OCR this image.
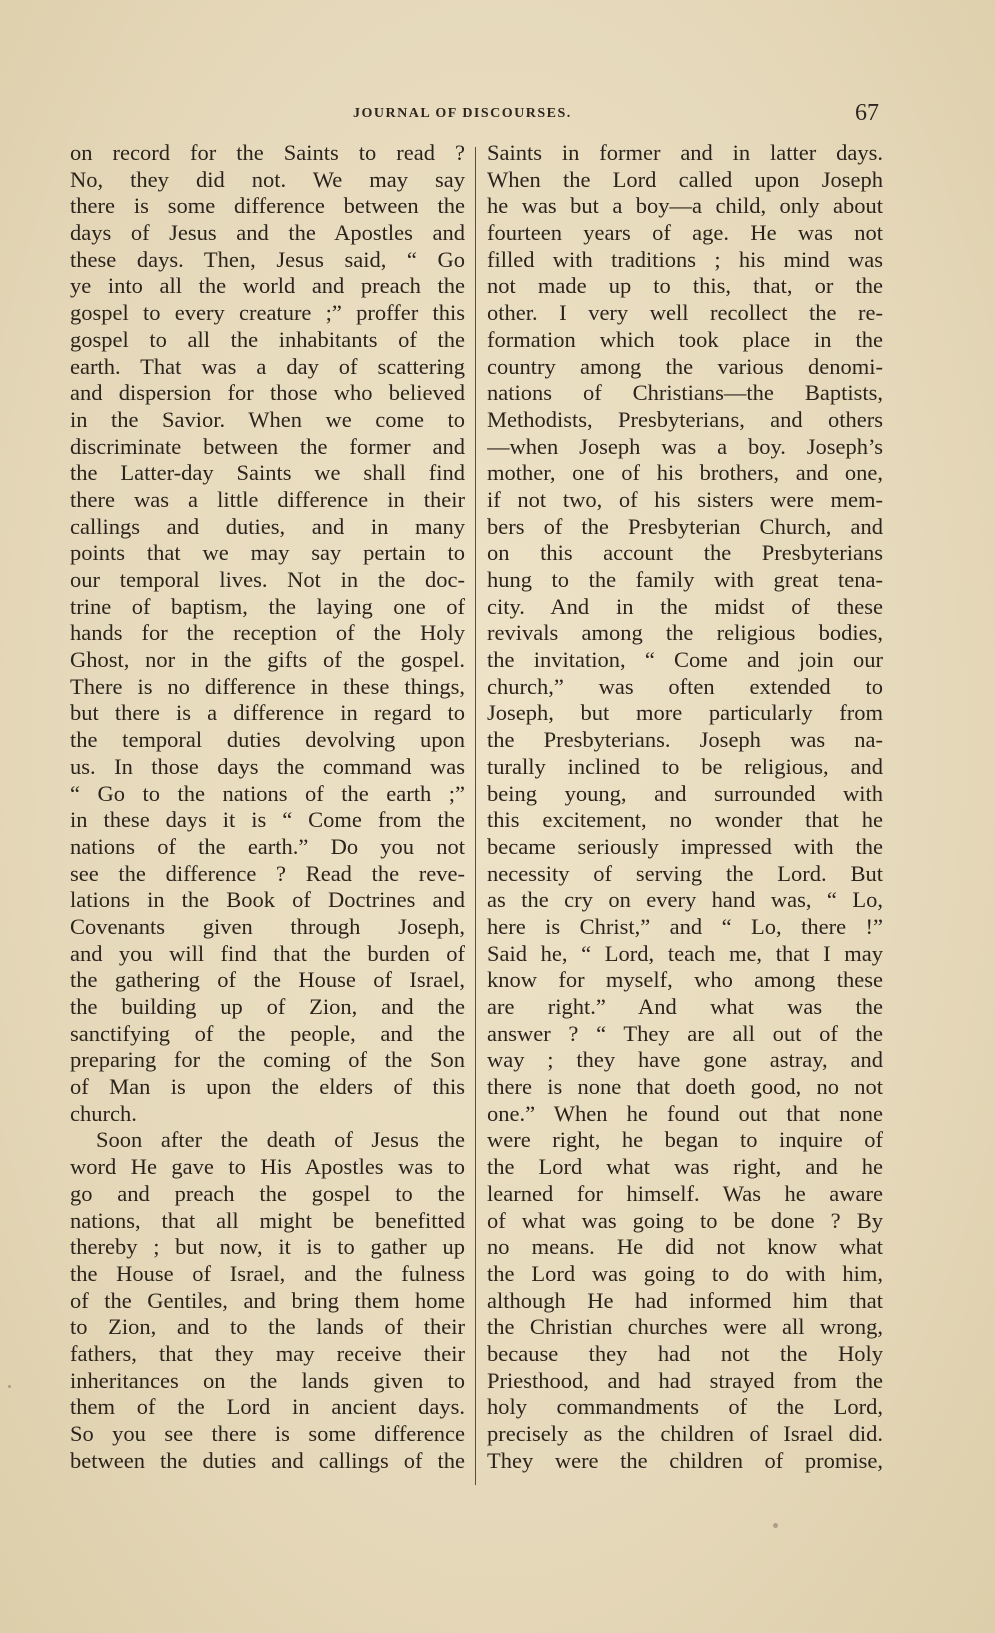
JOURNAL OF DISCOURSES.	67
on record for the Saints to read ?
No, they did not. We may say
there is some difference between the
days of Jesus and the Apostles and
these days. Then, Jesus said, “ Go
ye into all the world and preach the
gospel to every creature ;” proffer this
gospel to all the inhabitants of the
earth. That was a day of scattering
and dispersion for those who believed
in the Savior. When we come to
discriminate between the former and
the Latter-day Saints we shall find
there was a little difference in their
callings and duties, and in many
points that we may say pertain to
our temporal lives. Not in the doc-
trine of baptism, the laying one of
hands for the reception of the Holy
Ghost, nor in the gifts of the gospel.
There is no difference in these things,
but there is a difference in regard to
the temporal duties devolving upon
us. In those days the command was
“ Go to the nations of the earth ;”
in these days it is “ Come from the
nations of the earth.” Do you not
see the difference ? Read the reve-
lations in the Book of Doctrines and
Covenants given through Joseph,
and you will find that the burden of
the gathering of the House of Israel,
the building up of Zion, and the
sanctifying of the people, and the
preparing for the coming of the Son
of Man is upon the elders of this
church.
Soon after the death of Jesus the
word He gave to His Apostles was to
go and preach the gospel to the
nations, that all might be benefitted
thereby ; but now, it is to gather up
the House of Israel, and the fulness
of the Gentiles, and bring them home
to Zion, and to the lands of their
fathers, that they may receive their
inheritances on the lands given to
them of the Lord in ancient days.
So you see there is some difference
between the duties and callings of the
Saints in former and in latter days.
When the Lord called upon Joseph
he was but a boy—a child, only about
fourteen years of age. He was not
filled with traditions ; his mind was
not made up to this, that, or the
other. I very well recollect the re-
formation which took place in the
country among the various denomi-
nations of Christians—the Baptists,
Methodists, Presbyterians, and others
—when Joseph was a boy. Joseph’s
mother, one of his brothers, and one,
if not two, of his sisters were mem-
bers of the Presbyterian Church, and
on this account the Presbyterians
hung to the family with great tena-
city. And in the midst of these
revivals among the religious bodies,
the invitation, “ Come and join our
church,” was often extended to
Joseph, but more particularly from
the Presbyterians. Joseph was na-
turally inclined to be religious, and
being young, and surrounded with
this excitement, no wonder that he
became seriously impressed with the
necessity of serving the Lord. But
as the cry on every hand was, “ Lo,
here is Christ,” and “ Lo, there !”
Said he, “ Lord, teach me, that I may
know for myself, who among these
are right.” And what was the
answer ? “ They are all out of the
way ; they have gone astray, and
there is none that doeth good, no not
one.” When he found out that none
were right, he began to inquire of
the Lord what was right, and he
learned for himself. Was he aware
of what was going to be done ? By
no means. He did not know what
the Lord was going to do with him,
although He had informed him that
the Christian churches were all wrong,
because they had not the Holy
Priesthood, and had strayed from the
holy commandments of the Lord,
precisely as the children of Israel did.
They were the children of promise,
